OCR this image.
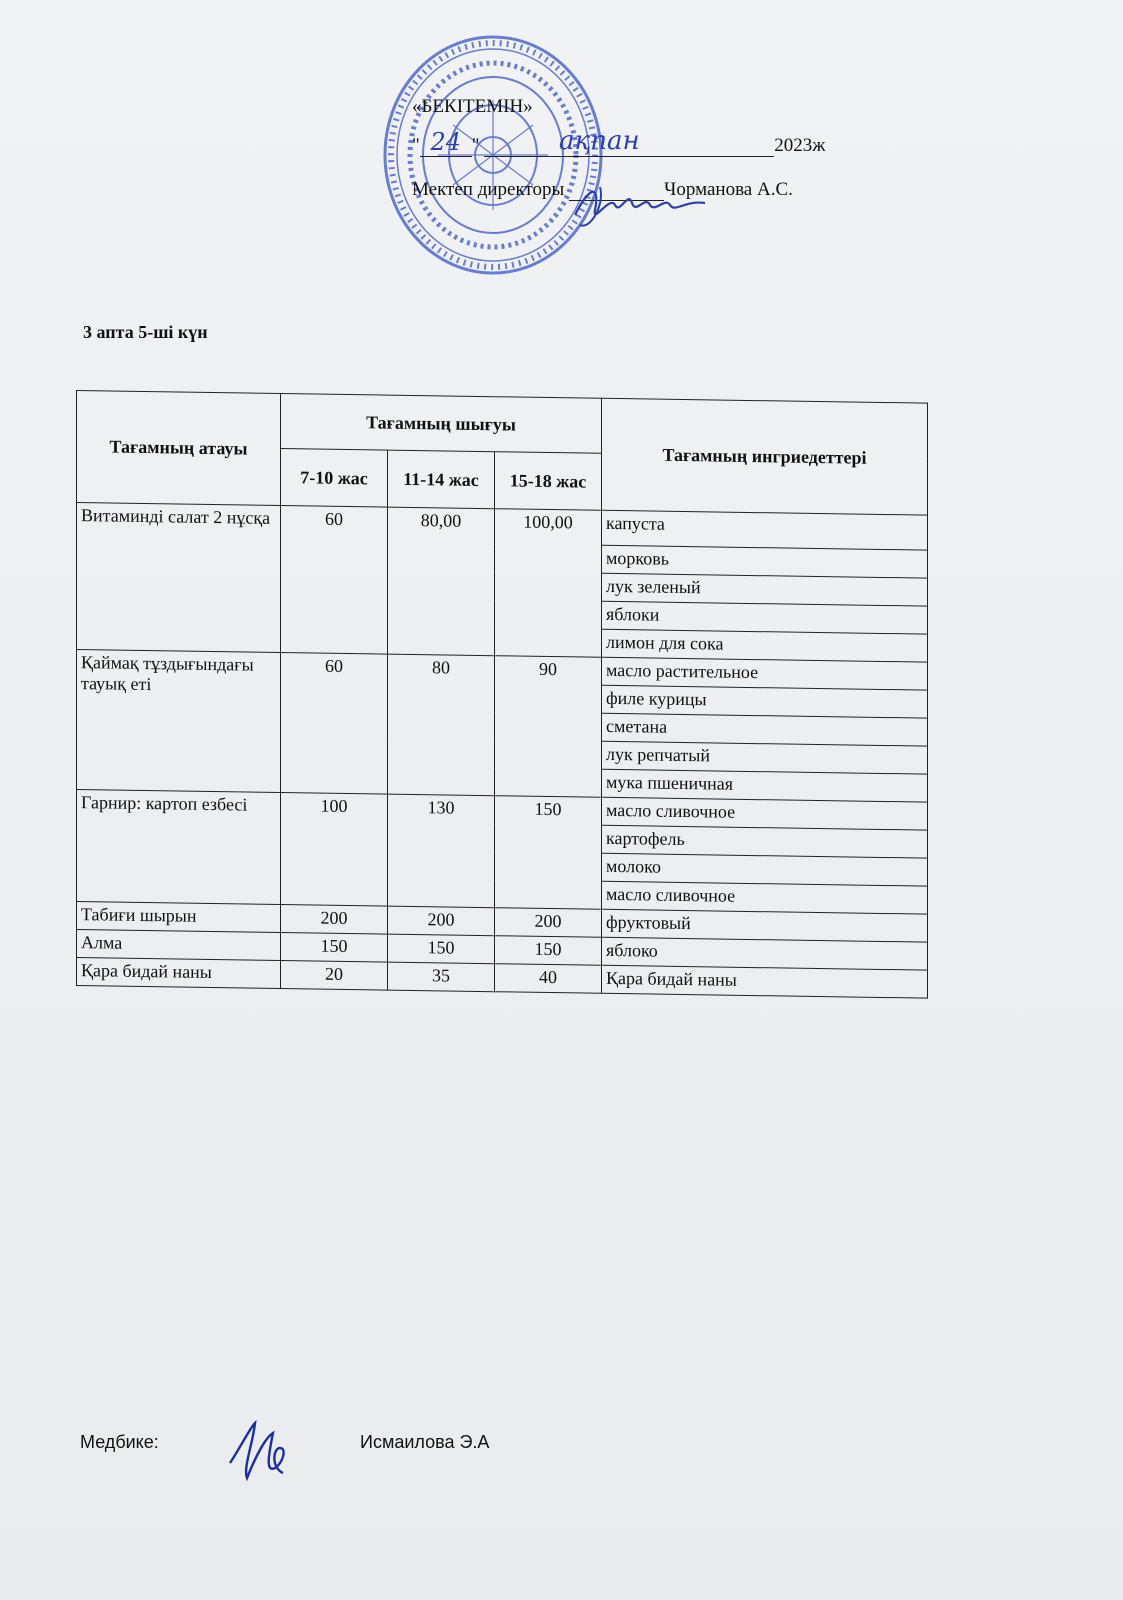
«БЕКІТЕМІН»
" 24 "	ақпан	2023ж
Мектеп директоры	Чорманова А.С.
3 апта 5-ші күн
Тағамның атауы	Тағамның шығуы			Тағамның ингриедеттері
	7-10 жас	11-14 жас	15-18 жас	
Витаминді салат 2 нұсқа	60	80,00	100,00	капуста
				морковь
				лук зеленый
				яблоки
				лимон для сока
Қаймақ тұздығындағы тауық еті	60	80	90	масло растительное
				филе курицы
				сметана
				лук репчатый
				мука пшеничная
Гарнир: картоп езбесі	100	130	150	масло сливочное
				картофель
				молоко
				масло сливочное
Табиғи шырын	200	200	200	фруктовый
Алма	150	150	150	яблоко
Қара бидай наны	20	35	40	Қара бидай наны
Медбике:	Исмаилова Э.А
